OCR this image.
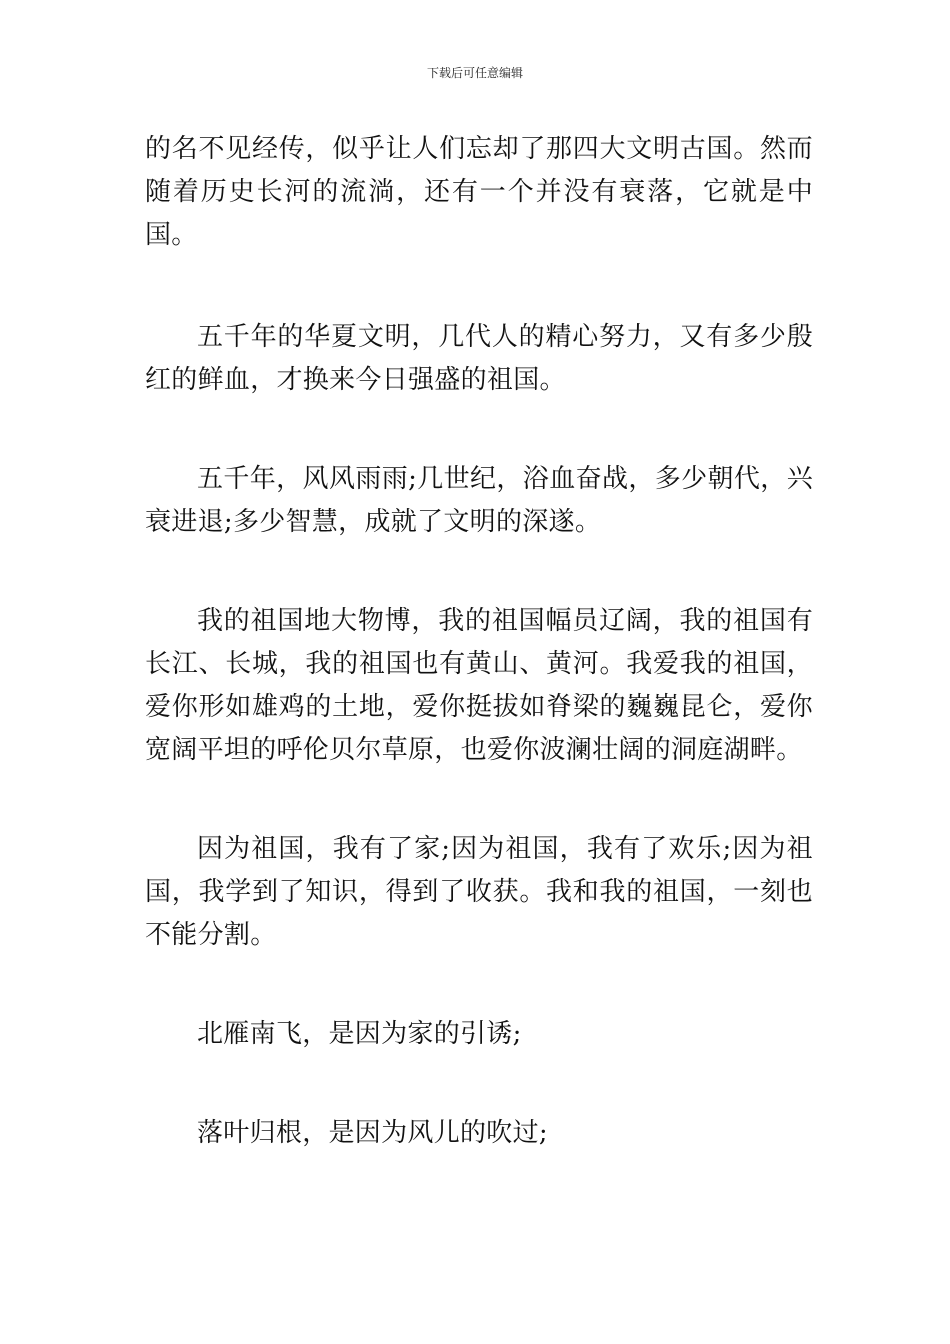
下载后可任意编辑

的名不见经传，似乎让人们忘却了那四大文明古国。然而随着历史长河的流淌，还有一个并没有衰落，它就是中国。

五千年的华夏文明，几代人的精心努力，又有多少殷红的鲜血，才换来今日强盛的祖国。

五千年，风风雨雨;几世纪，浴血奋战，多少朝代，兴衰进退;多少智慧，成就了文明的深遂。

我的祖国地大物博，我的祖国幅员辽阔，我的祖国有长江、长城，我的祖国也有黄山、黄河。我爱我的祖国，爱你形如雄鸡的土地，爱你挺拔如脊梁的巍巍昆仑，爱你宽阔平坦的呼伦贝尔草原，也爱你波澜壮阔的洞庭湖畔。

因为祖国，我有了家;因为祖国，我有了欢乐;因为祖国，我学到了知识，得到了收获。我和我的祖国，一刻也不能分割。

北雁南飞，是因为家的引诱;

落叶归根，是因为风儿的吹过;
